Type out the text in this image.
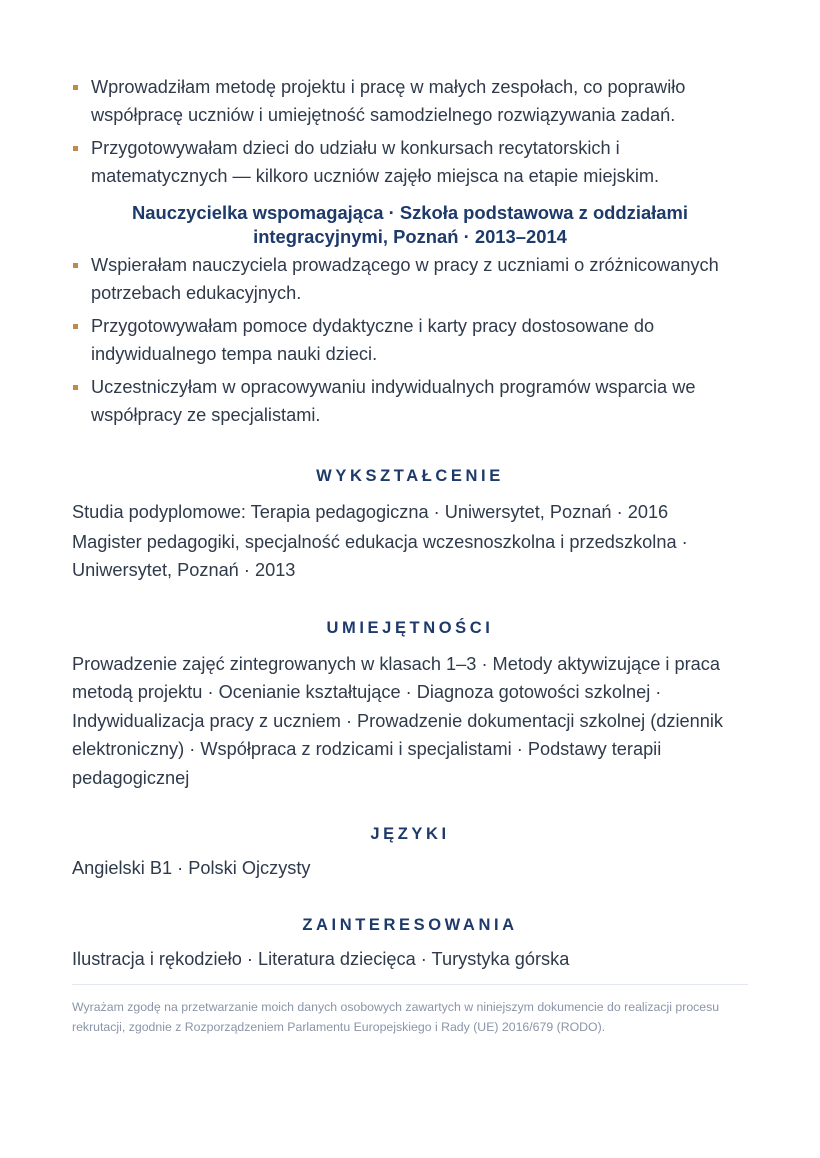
Wprowadziłam metodę projektu i pracę w małych zespołach, co poprawiło współpracę uczniów i umiejętność samodzielnego rozwiązywania zadań.
Przygotowywałam dzieci do udziału w konkursach recytatorskich i matematycznych — kilkoro uczniów zajęło miejsca na etapie miejskim.
Nauczycielka wspomagająca · Szkoła podstawowa z oddziałami integracyjnymi, Poznań · 2013–2014
Wspierałam nauczyciela prowadzącego w pracy z uczniami o zróżnicowanych potrzebach edukacyjnych.
Przygotowywałam pomoce dydaktyczne i karty pracy dostosowane do indywidualnego tempa nauki dzieci.
Uczestniczyłam w opracowywaniu indywidualnych programów wsparcia we współpracy ze specjalistami.
WYKSZTAŁCENIE
Studia podyplomowe: Terapia pedagogiczna · Uniwersytet, Poznań · 2016
Magister pedagogiki, specjalność edukacja wczesnoszkolna i przedszkolna · Uniwersytet, Poznań · 2013
UMIEJĘTNOŚCI
Prowadzenie zajęć zintegrowanych w klasach 1–3 · Metody aktywizujące i praca metodą projektu · Ocenianie kształtujące · Diagnoza gotowości szkolnej · Indywidualizacja pracy z uczniem · Prowadzenie dokumentacji szkolnej (dziennik elektroniczny) · Współpraca z rodzicami i specjalistami · Podstawy terapii pedagogicznej
JĘZYKI
Angielski B1 · Polski Ojczysty
ZAINTERESOWANIA
Ilustracja i rękodzieło · Literatura dziecięca · Turystyka górska
Wyrażam zgodę na przetwarzanie moich danych osobowych zawartych w niniejszym dokumencie do realizacji procesu rekrutacji, zgodnie z Rozporządzeniem Parlamentu Europejskiego i Rady (UE) 2016/679 (RODO).
